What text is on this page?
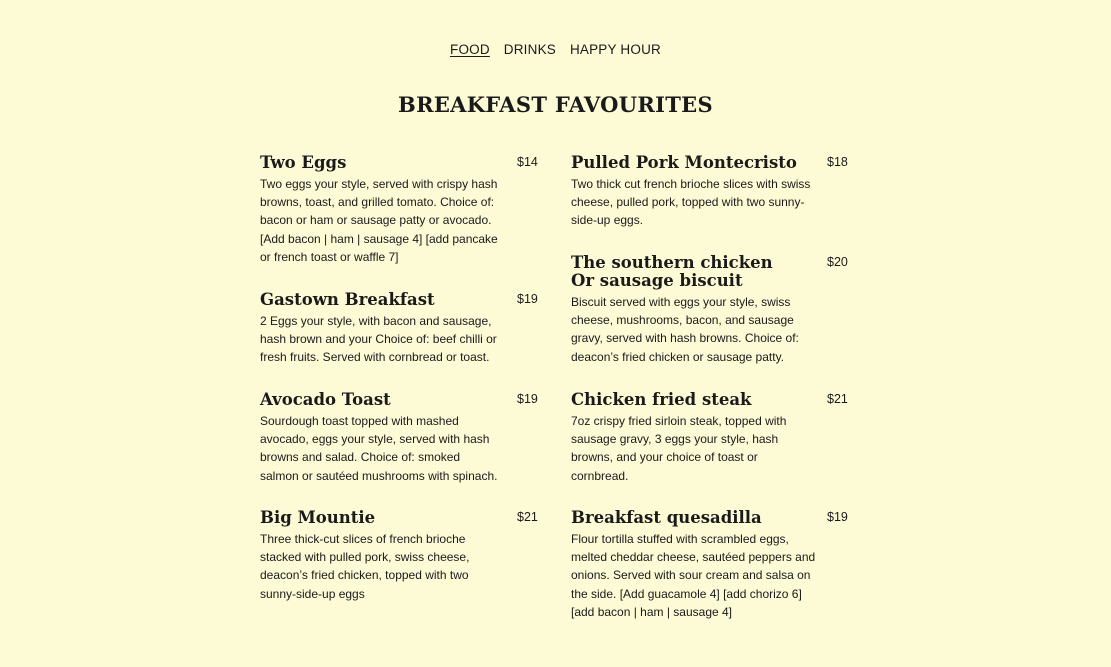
FOOD DRINKS HAPPY HOUR
BREAKFAST FAVOURITES
Two Eggs	$14
Two eggs your style, served with crispy hash browns, toast, and grilled tomato. Choice of: bacon or ham or sausage patty or avocado. [Add bacon | ham | sausage 4] [add pancake or french toast or waffle 7]
Gastown Breakfast	$19
2 Eggs your style, with bacon and sausage, hash brown and your Choice of: beef chilli or fresh fruits. Served with cornbread or toast.
Avocado Toast	$19
Sourdough toast topped with mashed avocado, eggs your style, served with hash browns and salad. Choice of: smoked salmon or sautéed mushrooms with spinach.
Big Mountie	$21
Three thick-cut slices of french brioche stacked with pulled pork, swiss cheese, deacon’s fried chicken, topped with two sunny-side-up eggs
Pulled Pork Montecristo	$18
Two thick cut french brioche slices with swiss cheese, pulled pork, topped with two sunny-side-up eggs.
The southern chicken Or sausage biscuit
$20
Biscuit served with eggs your style, swiss cheese, mushrooms, bacon, and sausage gravy, served with hash browns. Choice of: deacon’s fried chicken or sausage patty.
Chicken fried steak	$21
7oz crispy fried sirloin steak, topped with sausage gravy, 3 eggs your style, hash browns, and your choice of toast or cornbread.
Breakfast quesadilla	$19
Flour tortilla stuffed with scrambled eggs, melted cheddar cheese, sautéed peppers and onions. Served with sour cream and salsa on the side. [Add guacamole 4] [add chorizo 6] [add bacon | ham | sausage 4]
